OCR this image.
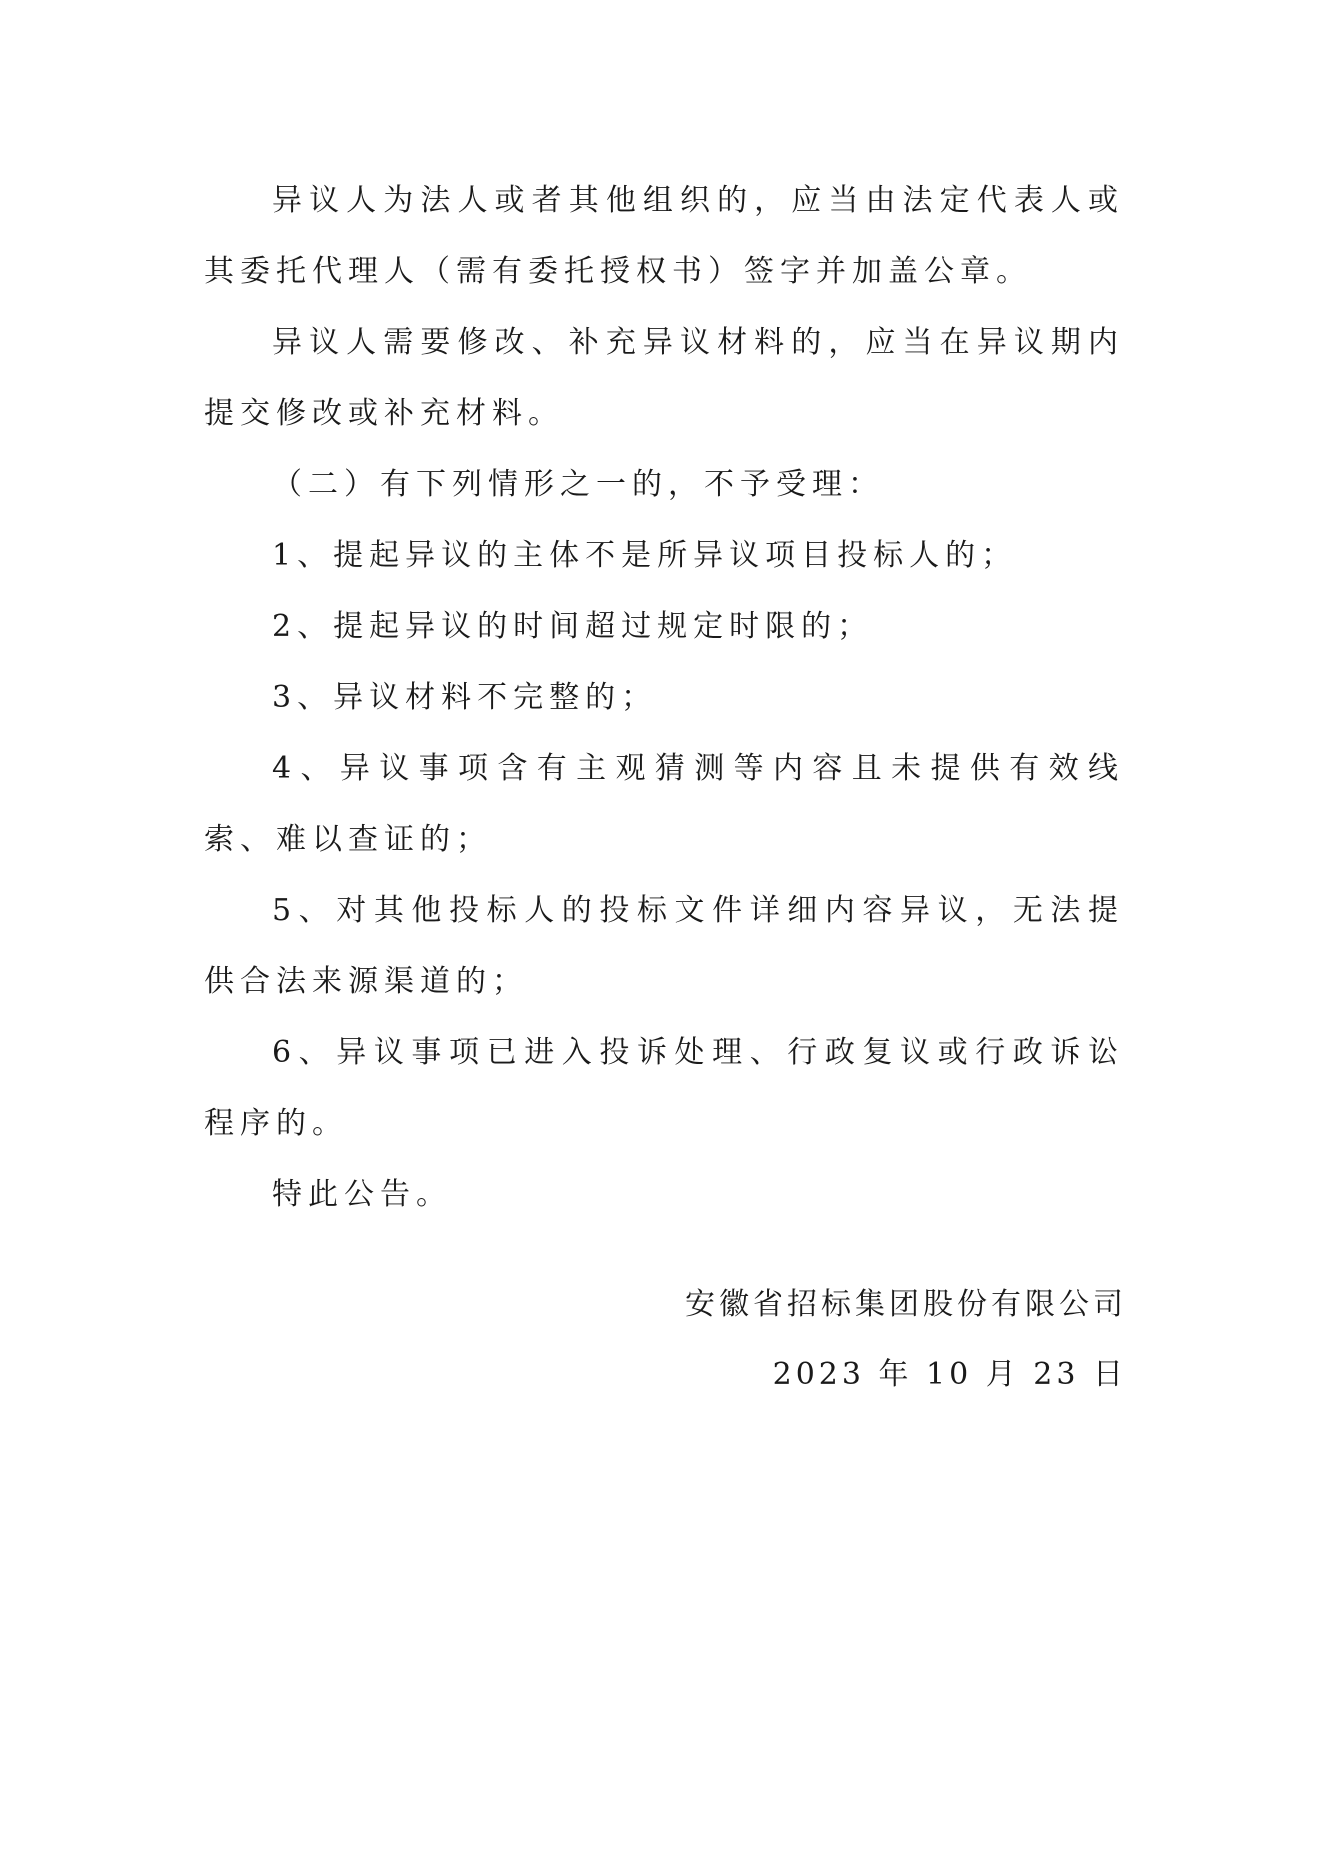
异议人为法人或者其他组织的，应当由法定代表人或其委托代理人（需有委托授权书）签字并加盖公章。

异议人需要修改、补充异议材料的，应当在异议期内提交修改或补充材料。

（二）有下列情形之一的，不予受理：

1、提起异议的主体不是所异议项目投标人的；

2、提起异议的时间超过规定时限的；

3、异议材料不完整的；

4、异议事项含有主观猜测等内容且未提供有效线索、难以查证的；

5、对其他投标人的投标文件详细内容异议，无法提供合法来源渠道的；

6、异议事项已进入投诉处理、行政复议或行政诉讼程序的。

特此公告。

安徽省招标集团股份有限公司

2023 年 10 月 23 日
